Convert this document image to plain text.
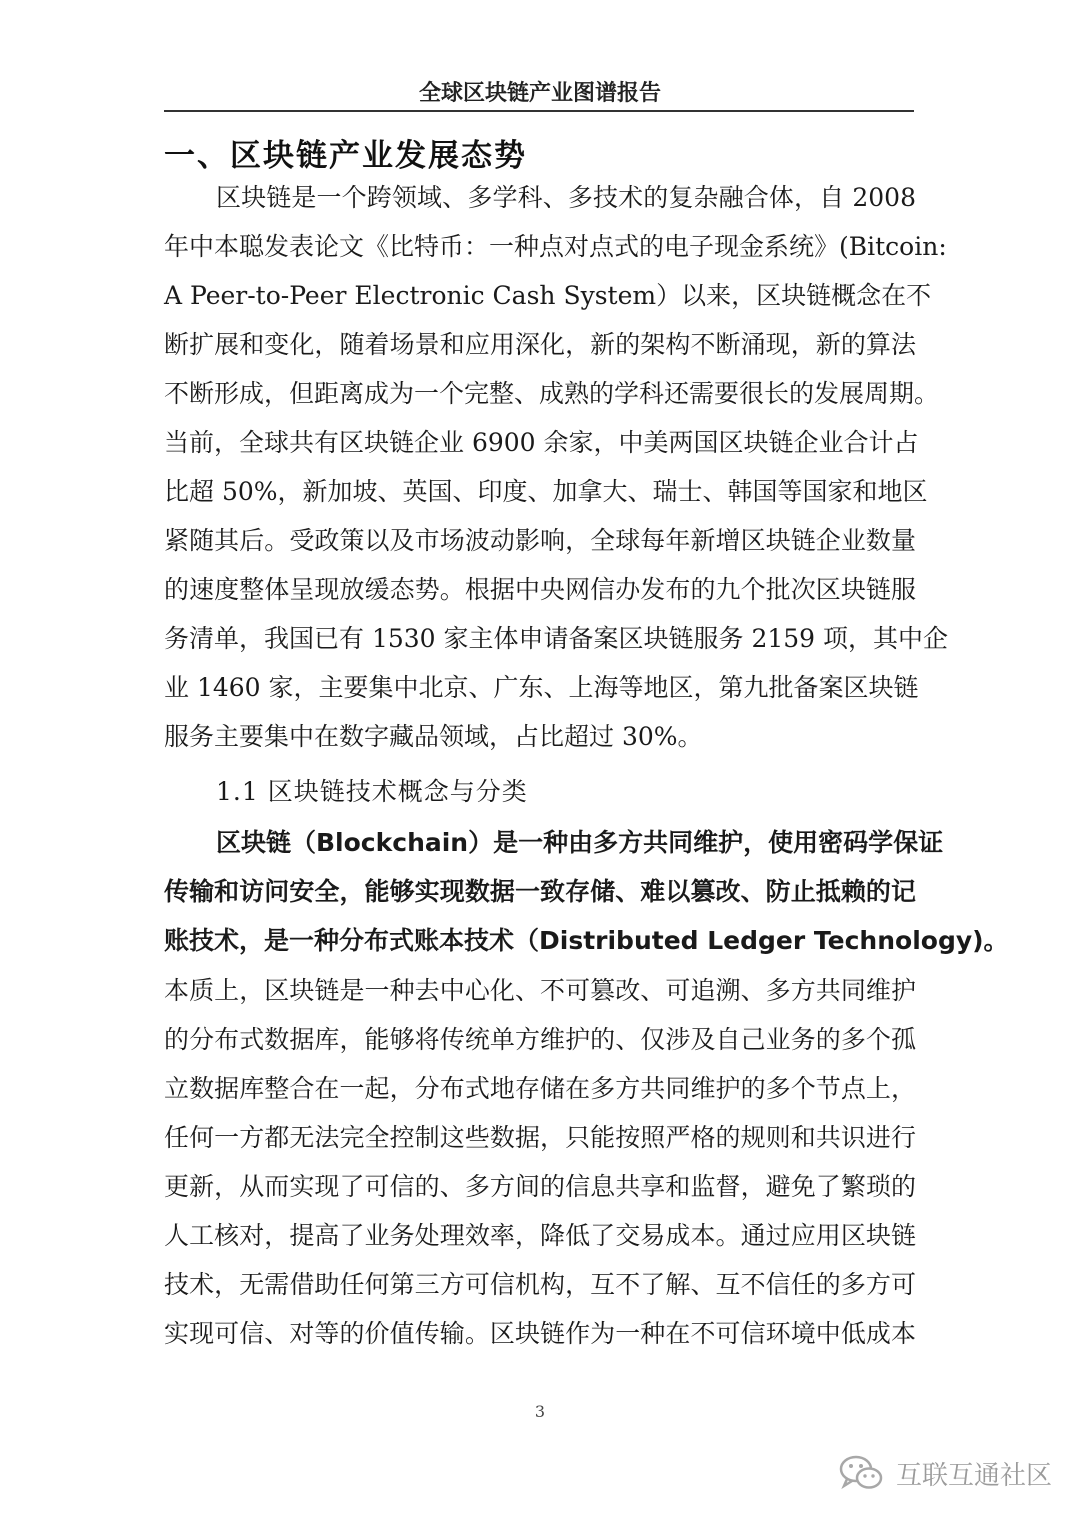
全球区块链产业图谱报告
一、区块链产业发展态势
区块链是一个跨领域、多学科、多技术的复杂融合体，自 2008
年中本聪发表论文《比特币：一种点对点式的电子现金系统》(Bitcoin:
A Peer-to-Peer Electronic Cash System）以来，区块链概念在不
断扩展和变化，随着场景和应用深化，新的架构不断涌现，新的算法
不断形成，但距离成为一个完整、成熟的学科还需要很长的发展周期。
当前，全球共有区块链企业 6900 余家，中美两国区块链企业合计占
比超 50%，新加坡、英国、印度、加拿大、瑞士、韩国等国家和地区
紧随其后。受政策以及市场波动影响，全球每年新增区块链企业数量
的速度整体呈现放缓态势。根据中央网信办发布的九个批次区块链服
务清单，我国已有 1530 家主体申请备案区块链服务 2159 项，其中企
业 1460 家，主要集中北京、广东、上海等地区，第九批备案区块链
服务主要集中在数字藏品领域，占比超过 30%。
1.1 区块链技术概念与分类
区块链（Blockchain）是一种由多方共同维护，使用密码学保证
传输和访问安全，能够实现数据一致存储、难以篡改、防止抵赖的记
账技术，是一种分布式账本技术（Distributed Ledger Technology)。
本质上，区块链是一种去中心化、不可篡改、可追溯、多方共同维护
的分布式数据库，能够将传统单方维护的、仅涉及自己业务的多个孤
立数据库整合在一起，分布式地存储在多方共同维护的多个节点上，
任何一方都无法完全控制这些数据，只能按照严格的规则和共识进行
更新，从而实现了可信的、多方间的信息共享和监督，避免了繁琐的
人工核对，提高了业务处理效率，降低了交易成本。通过应用区块链
技术，无需借助任何第三方可信机构，互不了解、互不信任的多方可
实现可信、对等的价值传输。区块链作为一种在不可信环境中低成本
3
互联互通社区
